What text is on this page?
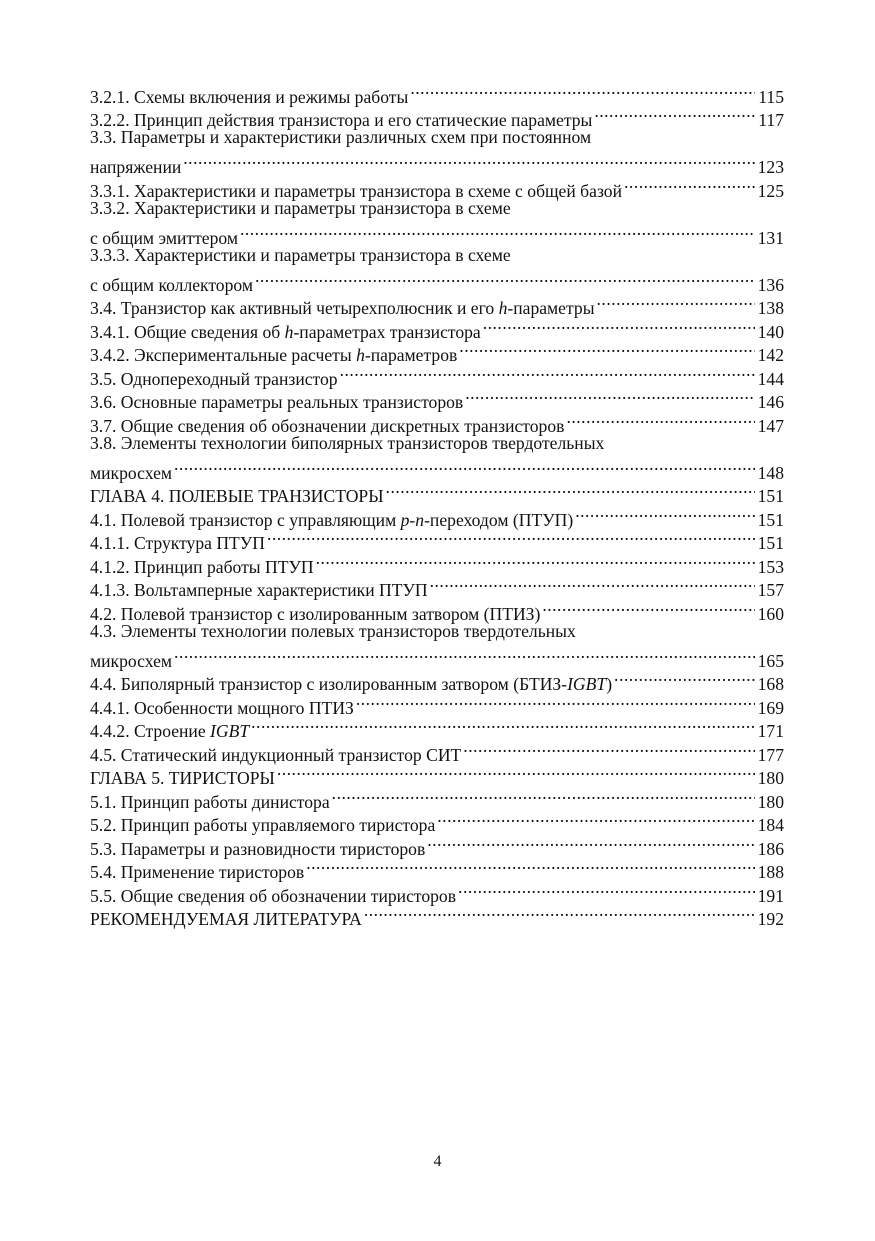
3.2.1. Схемы включения и режимы работы .....	115
3.2.2. Принцип действия транзистора и его статические параметры .....	117
3.3. Параметры и характеристики различных схем при постоянном
напряжении .....	123
3.3.1. Характеристики и параметры транзистора в схеме с общей базой .....	125
3.3.2. Характеристики и параметры транзистора в схеме
с общим эмиттером .....	131
3.3.3. Характеристики и параметры транзистора в схеме
с общим коллектором .....	136
3.4. Транзистор как активный четырехполюсник и его h-параметры .....	138
3.4.1. Общие сведения об h-параметрах транзистора .....	140
3.4.2. Экспериментальные расчеты h-параметров .....	142
3.5. Однопереходный транзистор .....	144
3.6. Основные параметры реальных транзисторов .....	146
3.7. Общие сведения об обозначении дискретных транзисторов .....	147
3.8. Элементы технологии биполярных транзисторов твердотельных
микросхем .....	148
ГЛАВА 4. ПОЛЕВЫЕ ТРАНЗИСТОРЫ .....	151
4.1. Полевой транзистор с управляющим p-n-переходом (ПТУП) .....	151
4.1.1. Структура ПТУП .....	151
4.1.2. Принцип работы ПТУП .....	153
4.1.3. Вольтамперные характеристики ПТУП .....	157
4.2. Полевой транзистор с изолированным затвором (ПТИЗ) .....	160
4.3. Элементы технологии полевых транзисторов твердотельных
микросхем .....	165
4.4. Биполярный транзистор с изолированным затвором (БТИЗ-IGBT) .....	168
4.4.1. Особенности мощного ПТИЗ .....	169
4.4.2. Строение IGBT .....	171
4.5. Статический индукционный транзистор СИТ .....	177
ГЛАВА 5. ТИРИСТОРЫ .....	180
5.1. Принцип работы динистора .....	180
5.2. Принцип работы управляемого тиристора .....	184
5.3. Параметры и разновидности тиристоров .....	186
5.4. Применение тиристоров .....	188
5.5. Общие сведения об обозначении тиристоров .....	191
РЕКОМЕНДУЕМАЯ ЛИТЕРАТУРА .....	192
4
